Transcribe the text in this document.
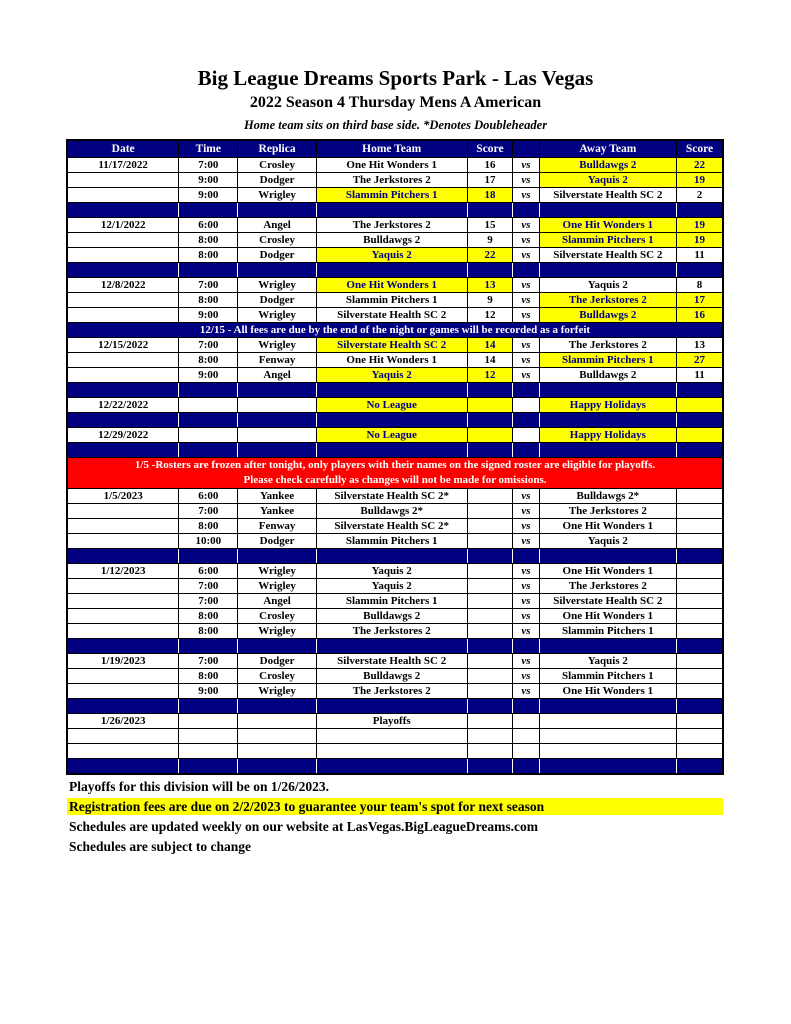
Big League Dreams Sports Park - Las Vegas
2022 Season 4 Thursday Mens A American
Home team sits on third base side. *Denotes Doubleheader
Date	Time	Replica	Home Team	Score		Away Team	Score
11/17/2022	7:00	Crosley	One Hit Wonders 1	16	vs	Bulldawgs 2	22
	9:00	Dodger	The Jerkstores 2	17	vs	Yaquis 2	19
	9:00	Wrigley	Slammin Pitchers 1	18	vs	Silverstate Health SC 2	2

12/1/2022	6:00	Angel	The Jerkstores 2	15	vs	One Hit Wonders 1	19
	8:00	Crosley	Bulldawgs 2	9	vs	Slammin Pitchers 1	19
	8:00	Dodger	Yaquis 2	22	vs	Silverstate Health SC 2	11

12/8/2022	7:00	Wrigley	One Hit Wonders 1	13	vs	Yaquis 2	8
	8:00	Dodger	Slammin Pitchers 1	9	vs	The Jerkstores 2	17
	9:00	Wrigley	Silverstate Health SC 2	12	vs	Bulldawgs 2	16
12/15 - All fees are due by the end of the night or games will be recorded as a forfeit							
12/15/2022	7:00	Wrigley	Silverstate Health SC 2	14	vs	The Jerkstores 2	13
	8:00	Fenway	One Hit Wonders 1	14	vs	Slammin Pitchers 1	27
	9:00	Angel	Yaquis 2	12	vs	Bulldawgs 2	11

12/22/2022			No League			Happy Holidays	

12/29/2022			No League			Happy Holidays	

1/5 -Rosters are frozen after tonight, only players with their names on the signed roster are eligible for playoffs.
Please check carefully as changes will not be made for omissions.							

1/5/2023	6:00	Yankee	Silverstate Health SC 2*		vs	Bulldawgs 2*	
	7:00	Yankee	Bulldawgs 2*		vs	The Jerkstores 2	
	8:00	Fenway	Silverstate Health SC 2*		vs	One Hit Wonders 1	
	10:00	Dodger	Slammin Pitchers 1		vs	Yaquis 2	

1/12/2023	6:00	Wrigley	Yaquis 2		vs	One Hit Wonders 1	
	7:00	Wrigley	Yaquis 2		vs	The Jerkstores 2	
	7:00	Angel	Slammin Pitchers 1		vs	Silverstate Health SC 2	
	8:00	Crosley	Bulldawgs 2		vs	One Hit Wonders 1	
	8:00	Wrigley	The Jerkstores 2		vs	Slammin Pitchers 1	

1/19/2023	7:00	Dodger	Silverstate Health SC 2		vs	Yaquis 2	
	8:00	Crosley	Bulldawgs 2		vs	Slammin Pitchers 1	
	9:00	Wrigley	The Jerkstores 2		vs	One Hit Wonders 1	

1/26/2023			Playoffs				

Playoffs for this division will be on 1/26/2023.
Registration fees are due on 2/2/2023 to guarantee your team's spot for next season
Schedules are updated weekly on our website at LasVegas.BigLeagueDreams.com
Schedules are subject to change
